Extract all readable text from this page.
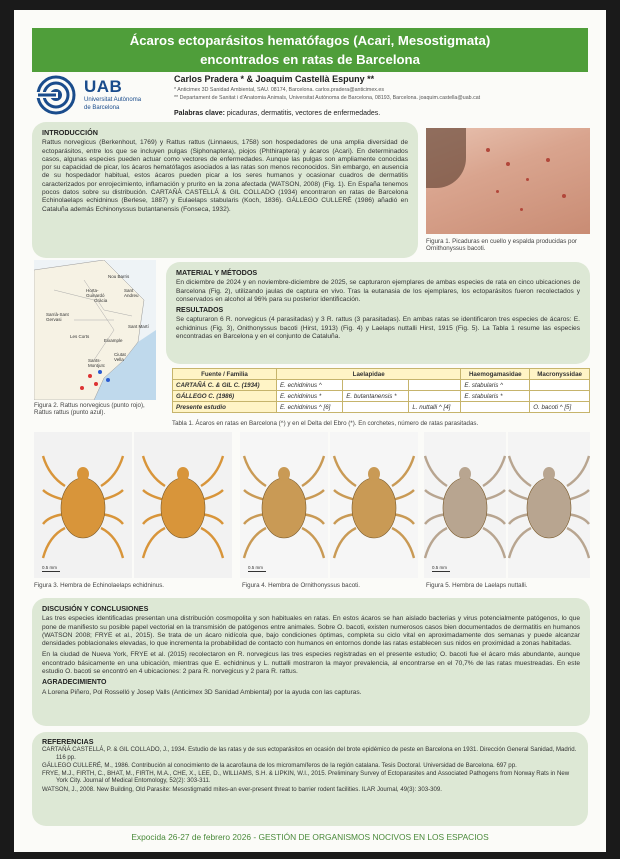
Ácaros ectoparásitos hematófagos (Acari, Mesostigmata)
encontrados en ratas de Barcelona
UAB
Universitat Autònoma
de Barcelona
Carlos Pradera * & Joaquim Castellà Espuny **
* Anticimex 3D Sanidad Ambiental, SAU. 08174, Barcelona. carlos.pradera@anticimex.es
** Departament de Sanitat i d'Anatomia Animals, Universitat Autònoma de Barcelona, 08193, Barcelona. joaquim.castella@uab.cat
Palabras clave: picaduras, dermatitis, vectores de enfermedades.
INTRODUCCIÓN

Rattus norvegicus (Berkenhout, 1769) y Rattus rattus (Linnaeus, 1758) son hospedadores de una amplia diversidad de ectoparásitos, entre los que se incluyen pulgas (Siphonaptera), piojos (Phthiraptera) y ácaros (Acari). En determinados casos, algunas especies pueden actuar como vectores de enfermedades. Aunque las pulgas son ampliamente conocidas por su capacidad de picar, los ácaros hematófagos asociados a las ratas son menos reconocidos. Sin embargo, en ausencia de su hospedador habitual, estos ácaros pueden picar a los seres humanos y ocasionar cuadros de dermatitis caracterizados por enrojecimiento, inflamación y prurito en la zona afectada (WATSON, 2008) (Fig. 1). En España tenemos pocos datos sobre su distribución. CARTAÑÁ CASTELLÁ & GIL COLLADO (1934) encontraron en ratas de Barcelona Echinolaelaps echidninus (Berlese, 1887) y Eulaelaps stabularis (Koch, 1836). GÁLLEGO CULLERÉ (1986) añadió en Cataluña además Echinonyssus butantanensis (Fonseca, 1932).

Figura 1. Picaduras en cuello y espalda producidas por Ornithonyssus bacoti.
Nou Barris
Gràcia
Horta-Guinardó
Sant Andreu
Sarrià-Sant Gervasi
Sant Martí
Les Corts
Eixample
Ciutat Vella
Sants-Montjuïc
Figura 2. Rattus norvegicus (punto rojo), Rattus rattus (punto azul).
MATERIAL Y MÉTODOS

En diciembre de 2024 y en noviembre-diciembre de 2025, se capturaron ejemplares de ambas especies de rata en cinco ubicaciones de Barcelona (Fig. 2), utilizando jaulas de captura en vivo. Tras la eutanasia de los ejemplares, los ectoparásitos fueron recolectados y conservados en alcohol al 96% para su posterior identificación.

RESULTADOS

Se capturaron 6 R. norvegicus (4 parasitadas) y 3 R. rattus (3 parasitadas). En ambas ratas se identificaron tres especies de ácaros: E. echidninus (Fig. 3), Onithonyssus bacoti (Hirst, 1913) (Fig. 4) y Laelaps nuttalli Hirst, 1915 (Fig. 5). La Tabla 1 resume las especies encontradas en Barcelona y en el conjunto de Cataluña.

Fuente / Familia	Laelapidae			Haemogamasidae	Macronyssidae
CARTAÑÁ C. & GIL C. (1934)	E. echidninus ^			E. stabularis ^	
GÁLLEGO C. (1986)	E. echidninus *	E. butantanensis *		E. stabularis *	
Presente estudio	E. echidninus ^ [6]		L. nuttalli ^ [4]		O. bacoti ^ [5]
Tabla 1. Ácaros en ratas en Barcelona (^) y en el Delta del Ebro (*). En corchetes, número de ratas parasitadas.
0.5 mm	0.5 mm	0.5 mm
Figura 3. Hembra de Echinolaelaps echidninus.	Figura 4. Hembra de Ornithonyssus bacoti.	Figura 5. Hembra de Laelaps nuttalli.
DISCUSIÓN Y CONCLUSIONES

Las tres especies identificadas presentan una distribución cosmopolita y son habituales en ratas. En estos ácaros se han aislado bacterias y virus potencialmente patógenos, lo que pone de manifiesto su posible papel vectorial en la transmisión de patógenos entre animales. Sobre O. bacoti, existen numerosos casos bien documentados de dermatitis en humanos (WATSON 2008; FRYE et al., 2015). Se trata de un ácaro nidícola que, bajo condiciones óptimas, completa su ciclo vital en aproximadamente dos semanas y puede alcanzar densidades poblacionales elevadas, lo que incrementa la probabilidad de contacto con humanos en entornos donde las ratas establecen sus nidos en proximidad a zonas habitadas.

En la ciudad de Nueva York, FRYE et al. (2015) recolectaron en R. norvegicus las tres especies registradas en el presente estudio; O. bacoti fue el ácaro más abundante, aunque encontrado básicamente en una ubicación, mientras que E. echidninus y L. nuttalli mostraron la mayor prevalencia, al encontrarse en el 70,7% de las ratas muestreadas. En este estudio O. bacoti se encontró en 4 ubicaciones: 2 para R. norvegicus y 2 para R. rattus.

AGRADECIMIENTO

A Lorena Piñero, Pol Rosselló y Josep Valls (Anticimex 3D Sanidad Ambiental) por la ayuda con las capturas.

REFERENCIAS

CARTAÑÁ CASTELLÁ, P. & GIL COLLADO, J., 1934. Estudio de las ratas y de sus ectoparásitos en ocasión del brote epidémico de peste en Barcelona en 1931. Dirección General Sanidad, Madrid. 116 pp.

GÁLLEGO CULLERÉ, M., 1986. Contribución al conocimiento de la acarofauna de los micromamíferos de la región catalana. Tesis Doctoral. Universidad de Barcelona. 697 pp.

FRYE, M.J., FIRTH, C., BHAT, M., FIRTH, M.A., CHE, X., LEE, D., WILLIAMS, S.H. & LIPKIN, W.I., 2015. Preliminary Survey of Ectoparasites and Associated Pathogens from Norway Rats in New York City. Journal of Medical Entomology, 52(2): 303-311.

WATSON, J., 2008. New Building, Old Parasite: Mesostigmatid mites-an ever-present threat to barrier rodent facilities. ILAR Journal, 49(3): 303-309.

Expocida 26-27 de febrero 2026 - GESTIÓN DE ORGANISMOS NOCIVOS EN LOS ESPACIOS
